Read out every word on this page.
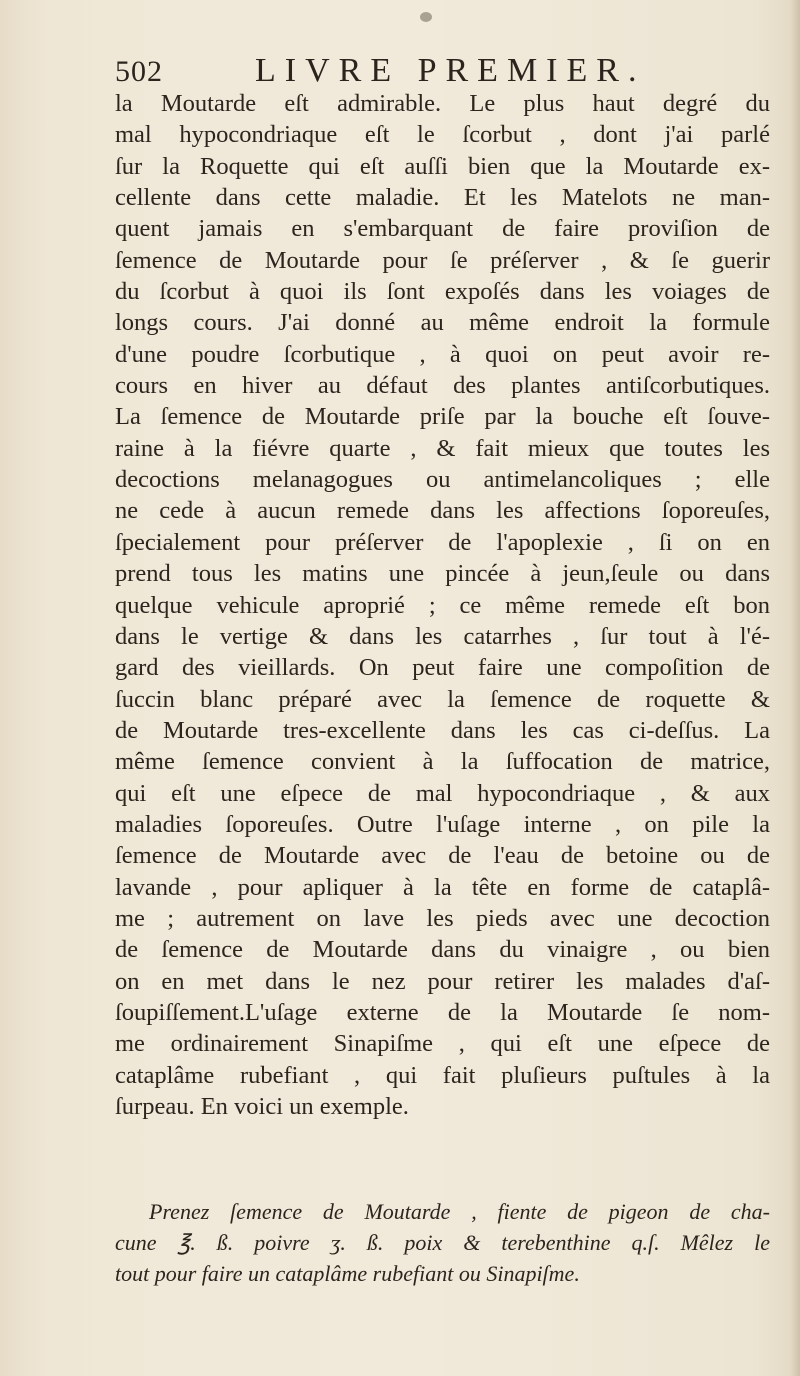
502	LIVRE PREMIER.
la Moutarde eſt admirable. Le plus haut degré du
mal hypocondriaque eſt le ſcorbut , dont j'ai parlé
ſur la Roquette qui eſt auſſi bien que la Moutarde ex-
cellente dans cette maladie. Et les Matelots ne man-
quent jamais en s'embarquant de faire proviſion de
ſemence de Moutarde pour ſe préſerver , & ſe guerir
du ſcorbut à quoi ils ſont expoſés dans les voiages de
longs cours. J'ai donné au même endroit la formule
d'une poudre ſcorbutique , à quoi on peut avoir re-
cours en hiver au défaut des plantes antiſcorbutiques.
La ſemence de Moutarde priſe par la bouche eſt ſouve-
raine à la fiévre quarte , & fait mieux que toutes les
decoctions melanagogues ou antimelancoliques ; elle
ne cede à aucun remede dans les affections ſoporeuſes,
ſpecialement pour préſerver de l'apoplexie , ſi on en
prend tous les matins une pincée à jeun,ſeule ou dans
quelque vehicule aproprié ; ce même remede eſt bon
dans le vertige & dans les catarrhes , ſur tout à l'é-
gard des vieillards. On peut faire une compoſition de
ſuccin blanc préparé avec la ſemence de roquette &
de Moutarde tres-excellente dans les cas ci-deſſus. La
même ſemence convient à la ſuffocation de matrice,
qui eſt une eſpece de mal hypocondriaque , & aux
maladies ſoporeuſes. Outre l'uſage interne , on pile la
ſemence de Moutarde avec de l'eau de betoine ou de
lavande , pour apliquer à la tête en forme de cataplâ-
me ; autrement on lave les pieds avec une decoction
de ſemence de Moutarde dans du vinaigre , ou bien
on en met dans le nez pour retirer les malades d'aſ-
ſoupiſſement.L'uſage externe de la Moutarde ſe nom-
me ordinairement Sinapiſme , qui eſt une eſpece de
cataplâme rubefiant , qui fait pluſieurs puſtules à la
ſurpeau. En voici un exemple.
Prenez ſemence de Moutarde , fiente de pigeon de cha-
cune ℥. ß. poivre ʒ. ß. poix & terebenthine q.ſ. Mêlez le
tout pour faire un cataplâme rubefiant ou Sinapiſme.
